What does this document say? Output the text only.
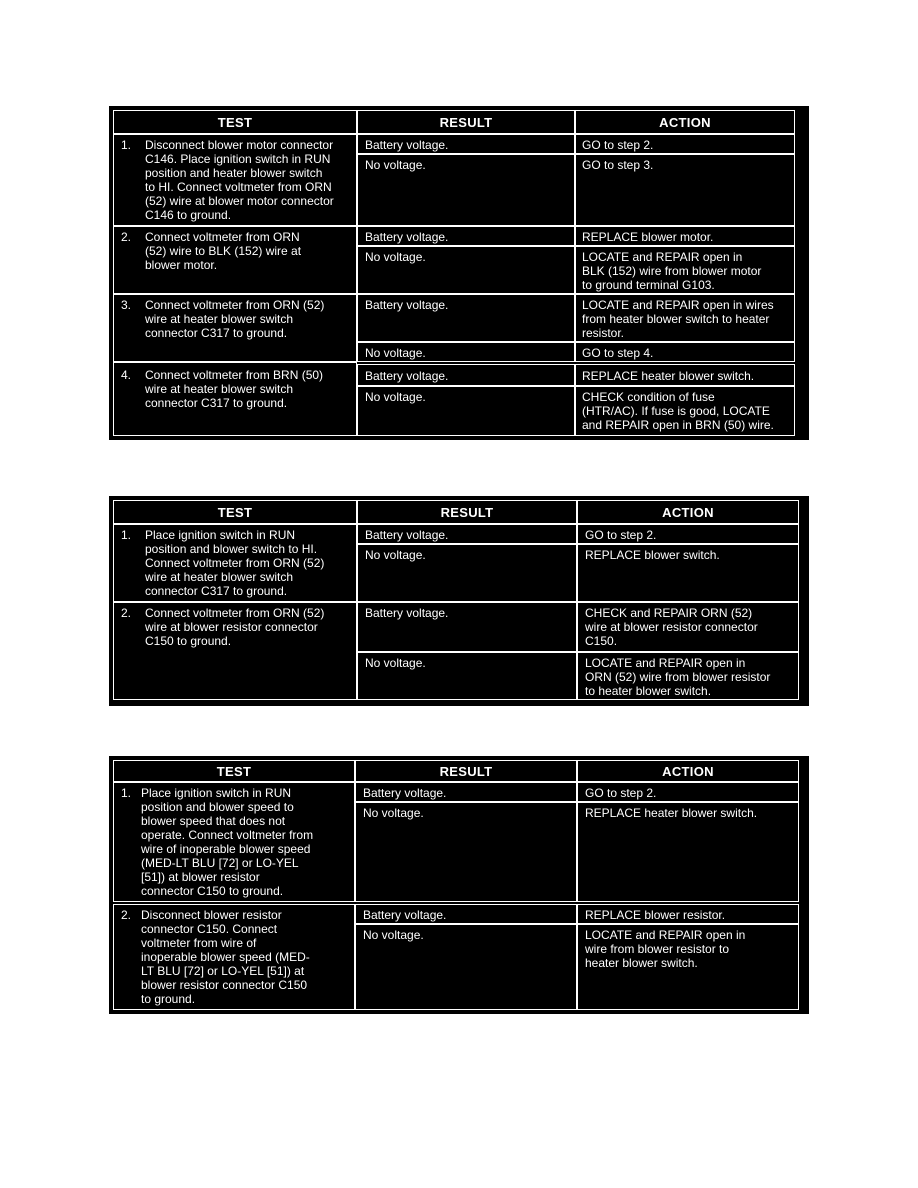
TEST	RESULT	ACTION
1. Disconnect blower motor connector
C146. Place ignition switch in RUN
position and heater blower switch
to HI. Connect voltmeter from ORN
(52) wire at blower motor connector
C146 to ground.
Battery voltage.	GO to step 2.
No voltage.	GO to step 3.
2. Connect voltmeter from ORN
(52) wire to BLK (152) wire at
blower motor.
Battery voltage.	REPLACE blower motor.
No voltage.	LOCATE and REPAIR open in
BLK (152) wire from blower motor
to ground terminal G103.
3. Connect voltmeter from ORN (52)
wire at heater blower switch
connector C317 to ground.
Battery voltage.	LOCATE and REPAIR open in wires
from heater blower switch to heater
resistor.
No voltage.	GO to step 4.
4. Connect voltmeter from BRN (50)
wire at heater blower switch
connector C317 to ground.
Battery voltage.	REPLACE heater blower switch.
No voltage.	CHECK condition of fuse
(HTR/AC). If fuse is good, LOCATE
and REPAIR open in BRN (50) wire.
TEST	RESULT	ACTION
1. Place ignition switch in RUN
position and blower switch to HI.
Connect voltmeter from ORN (52)
wire at heater blower switch
connector C317 to ground.
Battery voltage.	GO to step 2.
No voltage.	REPLACE blower switch.
2. Connect voltmeter from ORN (52)
wire at blower resistor connector
C150 to ground.
Battery voltage.	CHECK and REPAIR ORN (52)
wire at blower resistor connector
C150.
No voltage.	LOCATE and REPAIR open in
ORN (52) wire from blower resistor
to heater blower switch.
TEST	RESULT	ACTION
1. Place ignition switch in RUN
position and blower speed to
blower speed that does not
operate. Connect voltmeter from
wire of inoperable blower speed
(MED-LT BLU [72] or LO-YEL
[51]) at blower resistor
connector C150 to ground.
Battery voltage.	GO to step 2.
No voltage.	REPLACE heater blower switch.
2. Disconnect blower resistor
connector C150. Connect
voltmeter from wire of
inoperable blower speed (MED-
LT BLU [72] or LO-YEL [51]) at
blower resistor connector C150
to ground.
Battery voltage.	REPLACE blower resistor.
No voltage.	LOCATE and REPAIR open in
wire from blower resistor to
heater blower switch.
